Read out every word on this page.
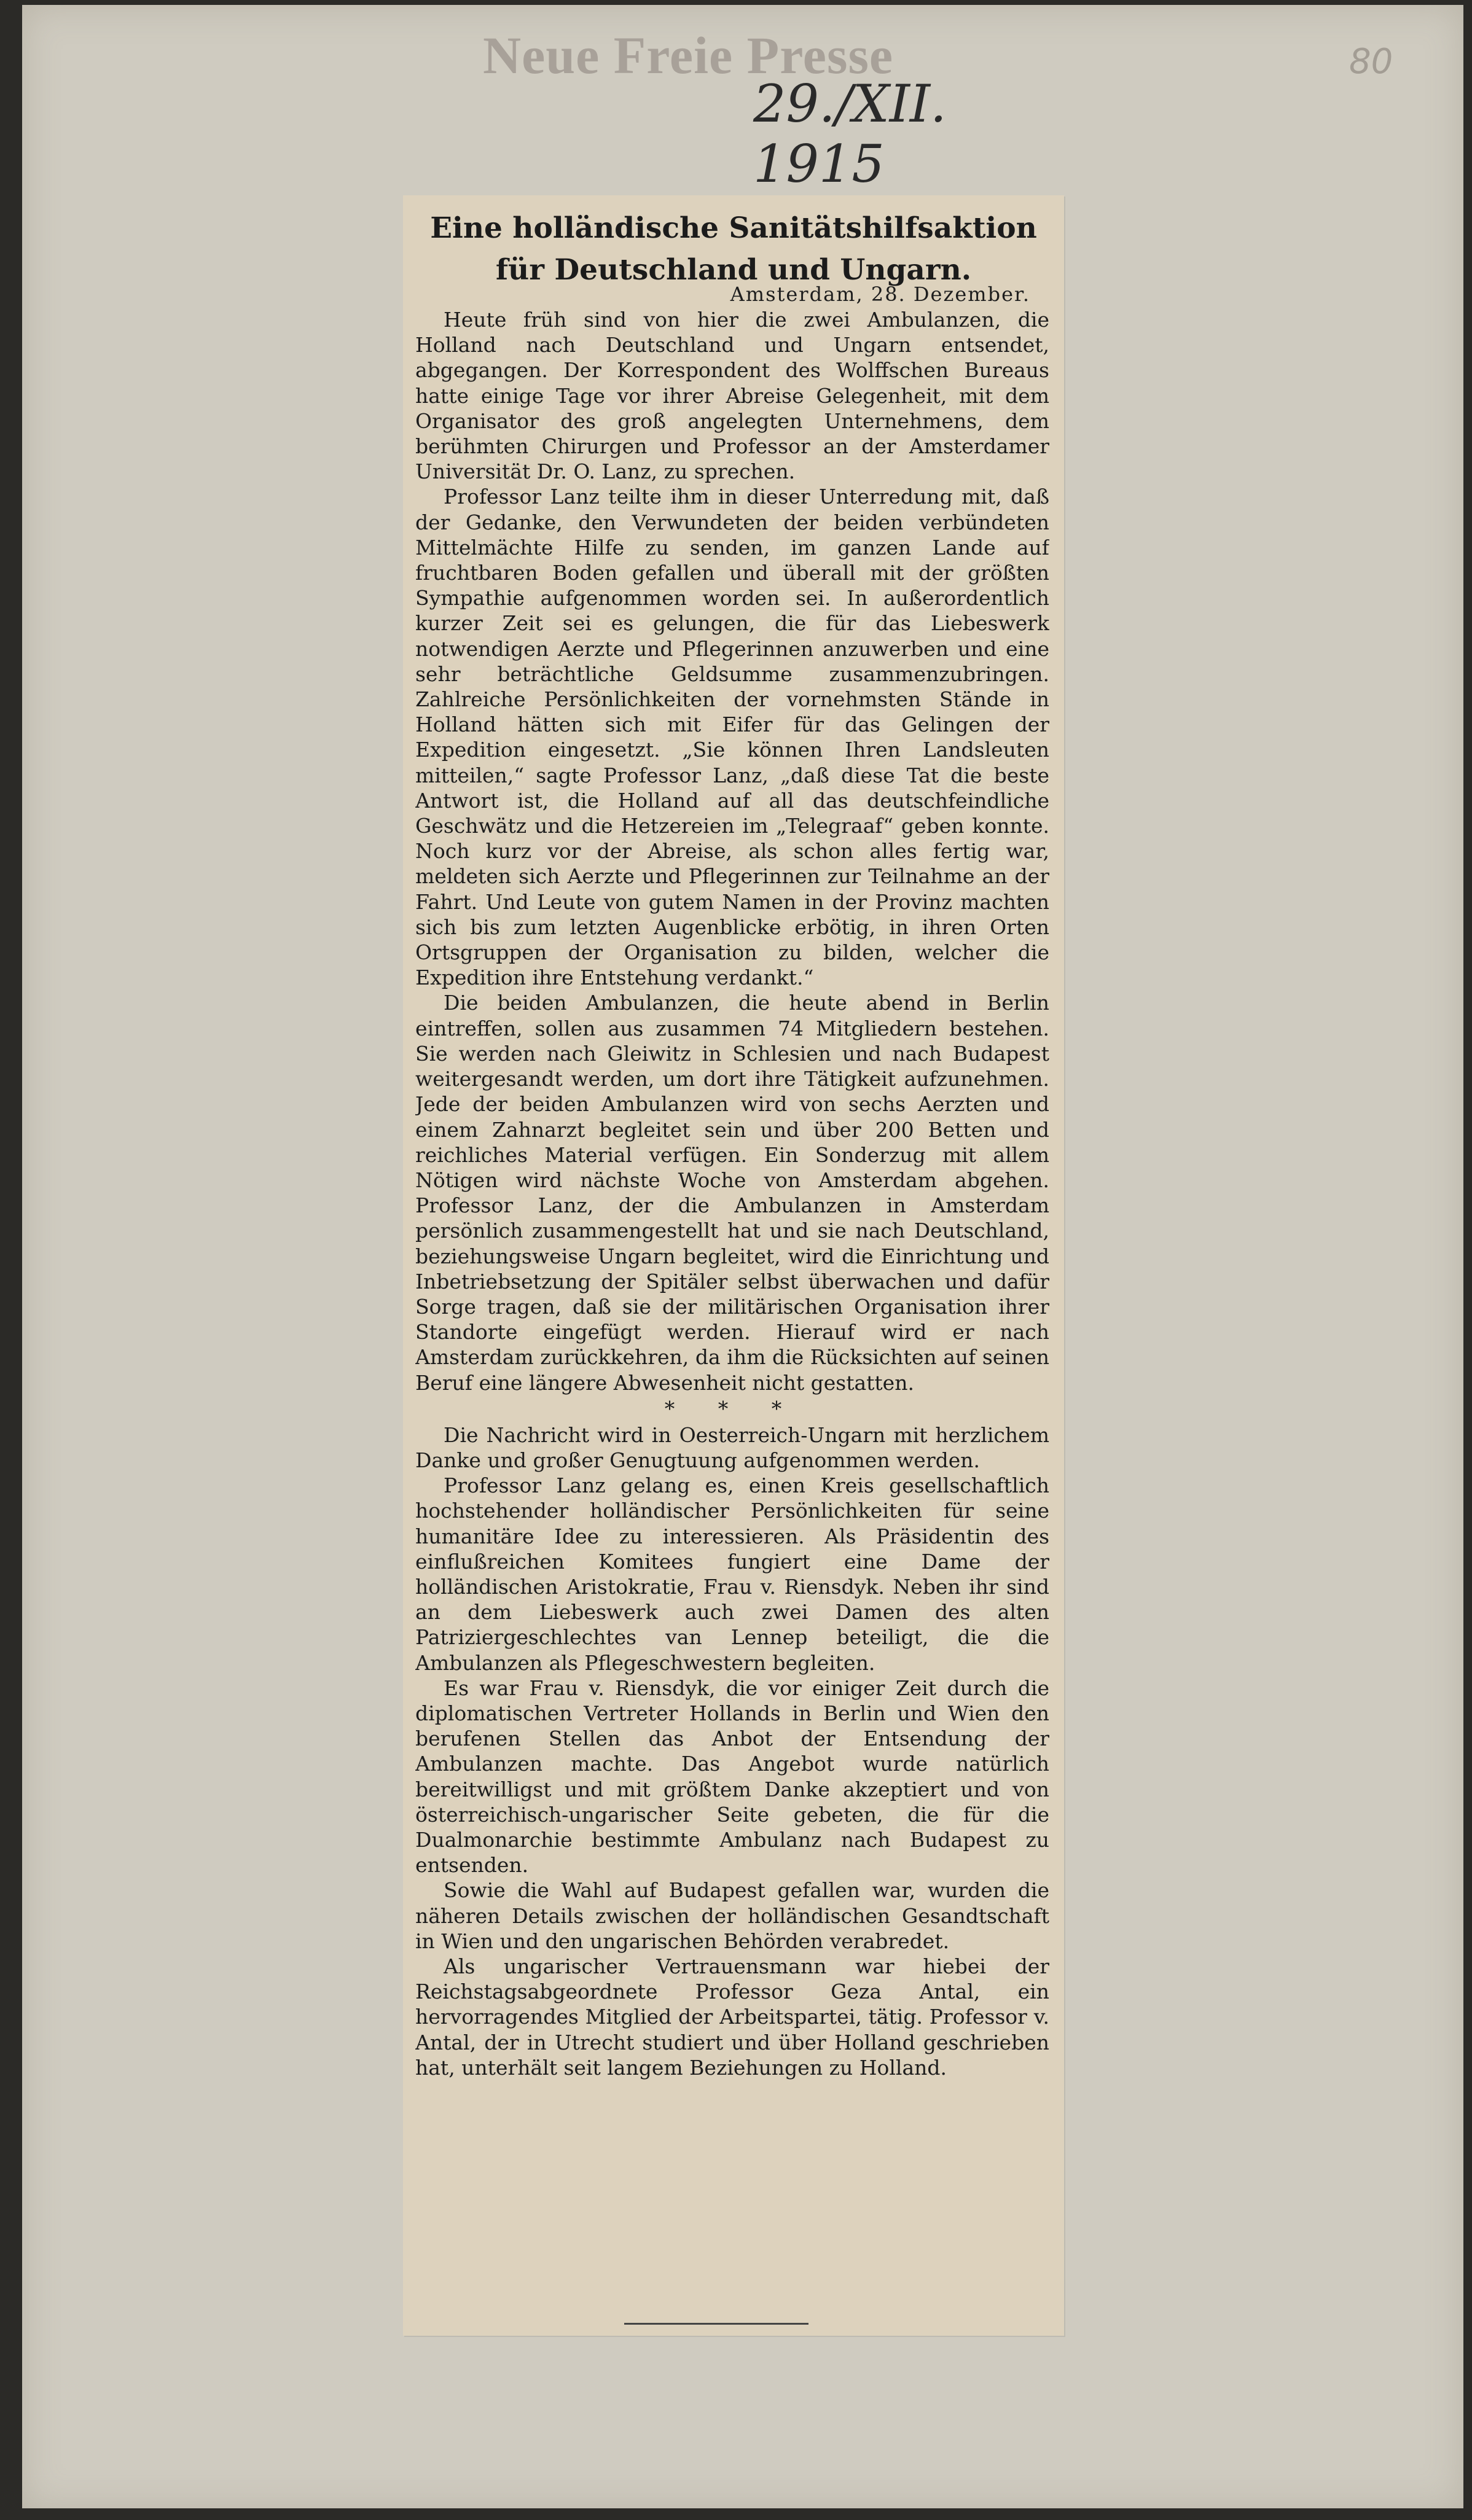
Neue Freie Presse
29./XII. 1915
80
Eine holländische Sanitätshilfsaktion für Deutschland und Ungarn.
Amsterdam, 28. Dezember.

Heute früh sind von hier die zwei Ambulanzen, die Holland nach Deutschland und Ungarn entsendet, abgegangen. Der Korrespondent des Wolffschen Bureaus hatte einige Tage vor ihrer Abreise Gelegenheit, mit dem Organisator des groß angelegten Unternehmens, dem berühmten Chirurgen und Professor an der Amsterdamer Universität Dr. O. Lanz, zu sprechen.

Professor Lanz teilte ihm in dieser Unterredung mit, daß der Gedanke, den Verwundeten der beiden verbündeten Mittelmächte Hilfe zu senden, im ganzen Lande auf fruchtbaren Boden gefallen und überall mit der größten Sympathie aufgenommen worden sei. In außerordentlich kurzer Zeit sei es gelungen, die für das Liebeswerk notwendigen Aerzte und Pflegerinnen anzuwerben und eine sehr beträchtliche Geldsumme zusammenzubringen. Zahlreiche Persönlichkeiten der vornehmsten Stände in Holland hätten sich mit Eifer für das Gelingen der Expedition eingesetzt. „Sie können Ihren Landsleuten mitteilen,“ sagte Professor Lanz, „daß diese Tat die beste Antwort ist, die Holland auf all das deutschfeindliche Geschwätz und die Hetzereien im „Telegraaf“ geben konnte. Noch kurz vor der Abreise, als schon alles fertig war, meldeten sich Aerzte und Pflegerinnen zur Teilnahme an der Fahrt. Und Leute von gutem Namen in der Provinz machten sich bis zum letzten Augenblicke erbötig, in ihren Orten Ortsgruppen der Organisation zu bilden, welcher die Expedition ihre Entstehung verdankt.“

Die beiden Ambulanzen, die heute abend in Berlin eintreffen, sollen aus zusammen 74 Mitgliedern bestehen. Sie werden nach Gleiwitz in Schlesien und nach Budapest weitergesandt werden, um dort ihre Tätigkeit aufzunehmen. Jede der beiden Ambulanzen wird von sechs Aerzten und einem Zahnarzt begleitet sein und über 200 Betten und reichliches Material verfügen. Ein Sonderzug mit allem Nötigen wird nächste Woche von Amsterdam abgehen. Professor Lanz, der die Ambulanzen in Amsterdam persönlich zusammengestellt hat und sie nach Deutschland, beziehungsweise Ungarn begleitet, wird die Einrichtung und Inbetriebsetzung der Spitäler selbst überwachen und dafür Sorge tragen, daß sie der militärischen Organisation ihrer Standorte eingefügt werden. Hierauf wird er nach Amsterdam zurückkehren, da ihm die Rücksichten auf seinen Beruf eine längere Abwesenheit nicht gestatten.

* * *

Die Nachricht wird in Oesterreich-Ungarn mit herzlichem Danke und großer Genugtuung aufgenommen werden.

Professor Lanz gelang es, einen Kreis gesellschaftlich hochstehender holländischer Persönlichkeiten für seine humanitäre Idee zu interessieren. Als Präsidentin des einflußreichen Komitees fungiert eine Dame der holländischen Aristokratie, Frau v. Riensdyk. Neben ihr sind an dem Liebeswerk auch zwei Damen des alten Patriziergeschlechtes van Lennep beteiligt, die die Ambulanzen als Pflegeschwestern begleiten.

Es war Frau v. Riensdyk, die vor einiger Zeit durch die diplomatischen Vertreter Hollands in Berlin und Wien den berufenen Stellen das Anbot der Entsendung der Ambulanzen machte. Das Angebot wurde natürlich bereitwilligst und mit größtem Danke akzeptiert und von österreichisch-ungarischer Seite gebeten, die für die Dualmonarchie bestimmte Ambulanz nach Budapest zu entsenden.

Sowie die Wahl auf Budapest gefallen war, wurden die näheren Details zwischen der holländischen Gesandtschaft in Wien und den ungarischen Behörden verabredet.

Als ungarischer Vertrauensmann war hiebei der Reichstagsabgeordnete Professor Geza Antal, ein hervorragendes Mitglied der Arbeitspartei, tätig. Professor v. Antal, der in Utrecht studiert und über Holland geschrieben hat, unterhält seit langem Beziehungen zu Holland.
